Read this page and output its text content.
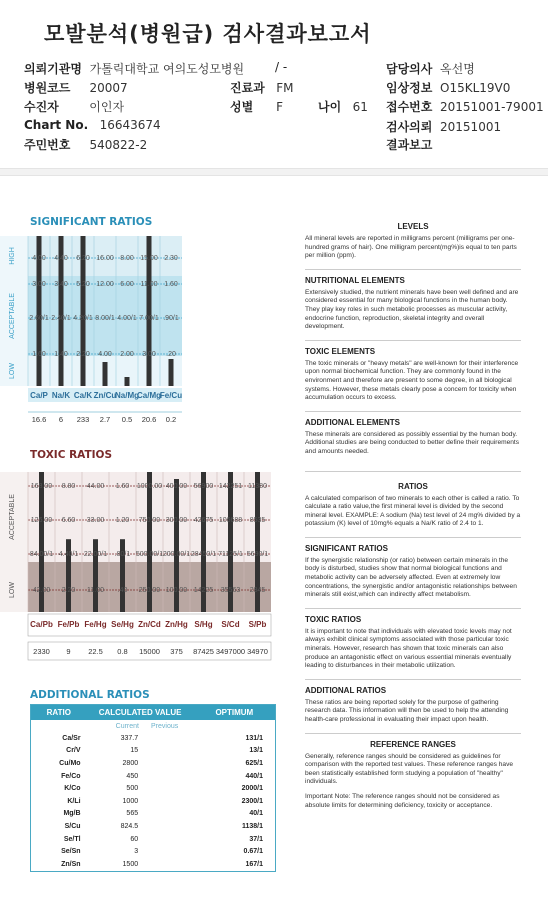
모발분석(병원급) 검사결과보고서
의뢰기관명 가톨릭대학교 여의도성모병원	/ -	담당의사 옥선명
병원코드 20007	진료과 FM	임상정보 O15KL19V0
수진자	이인자	성별 F	나이 61 접수번호 20151001-79001
Chart No. 16643674	검사의뢰 20151001
주민번호 540822-2	결과보고
SIGNIFICANT RATIOS
HIGH
ACCEPTABLE
LOW
4.00
3.00
2.60/1
1.60
Ca/P
16.6
4.40
3.40
2.40/1
1.40
Na/K
6
6.20
5.20
4.20/1
2.20
Ca/K
233
16.00
12.00
8.00/1
4.00
Zn/Cu
2.7
8.00
6.00
4.00/1
2.00
Na/Mg
0.5
15.00
11.00
7.00/1
3.00
Ca/Mg
20.6
2.30
1.60
.90/1
.20
Fe/Cu
0.2
TOXIC RATIOS
ACCEPTABLE
LOW
168.00
126.00
84.00/1
42.00
Ca/Pb
2330
8.80
6.60
4.40/1
2.20
Fe/Pb
9
44.00
33.00
22.00/1
11.00
Fe/Hg
22.5
1.60
1.20
.80/1
.40
Se/Hg
0.8
1000.00
750.00
500.00/1
250.00
Zn/Cd
15000
400.00
300.00
200.00/1
100.00
Zn/Hg
375
56900
42675
28450/1
14225
S/Hg
87425
142251
106688
71125/1
35563
S/Cd
3497000
11380
8535
5690/1
2845
S/Pb
34970
ADDITIONAL RATIOS
RATIO	CALCULATED VALUE	OPTIMUM
Current	Previous
Ca/Sr	337.7	131/1
Cr/V	15	13/1
Cu/Mo	2800	625/1
Fe/Co	450	440/1
K/Co	500	2000/1
K/Li	1000	2300/1
Mg/B	565	40/1
S/Cu	824.5	1138/1
Se/Tl	60	37/1
Se/Sn	3	0.67/1
Zn/Sn	1500	167/1
LEVELS
All mineral levels are reported in milligrams percent (milligrams per one-hundred grams of hair). One milligram percent(mg%)is equal to ten parts per million (ppm).
NUTRITIONAL ELEMENTS
Extensively studied, the nutrient minerals have been well defined and are considered essential for many biological functions in the human body. They play key roles in such metabolic processes as muscular activity, endocrine function, reproduction, skeletal integrity and overall development.
TOXIC ELEMENTS
The toxic minerals or "heavy metals" are well-known for their interference upon normal biochemical function. They are commonly found in the environment and therefore are present to some degree, in all biological systems. However, these metals clearly pose a concern for toxicity when accumulation occurs to excess.
ADDITIONAL ELEMENTS
These minerals are considered as possibly essential by the human body. Additional studies are being conducted to better define their requirements and amounts needed.
RATIOS
A calculated comparison of two minerals to each other is called a ratio. To calculate a ratio value,the first mineral level is divided by the second mineral level. EXAMPLE: A sodium (Na) test level of 24 mg% divided by a potassium (K) level of 10mg% equals a Na/K ratio of 2.4 to 1.
SIGNIFICANT RATIOS
If the synergistic relationship (or ratio) between certain minerals in the body is disturbed, studies show that normal biological functions and metabolic activity can be adversely affected. Even at extremely low concentrations, the synergistic and/or antagonistic relationships between minerals still exist,which can indirectly affect metabolism.
TOXIC RATIOS
It is important to note that individuals with elevated toxic levels may not always exhibit clinical symptoms associated with those particular toxic minerals. However, research has shown that toxic minerals can also produce an antagonistic effect on various essential minerals eventually leading to disturbances in their metabolic utilization.
ADDITIONAL RATIOS
These ratios are being reported solely for the purpose of gathering research data. This information will then be used to help the attending health-care professional in evaluating their impact upon health.
REFERENCE RANGES
Generally, reference ranges should be considered as guidelines for comparison with the reported test values. These reference ranges have been statistically established form studying a population of "healthy" individuals.
Important Note: The reference ranges should not be considered as absolute limits for determining deficiency, toxicity or acceptance.
